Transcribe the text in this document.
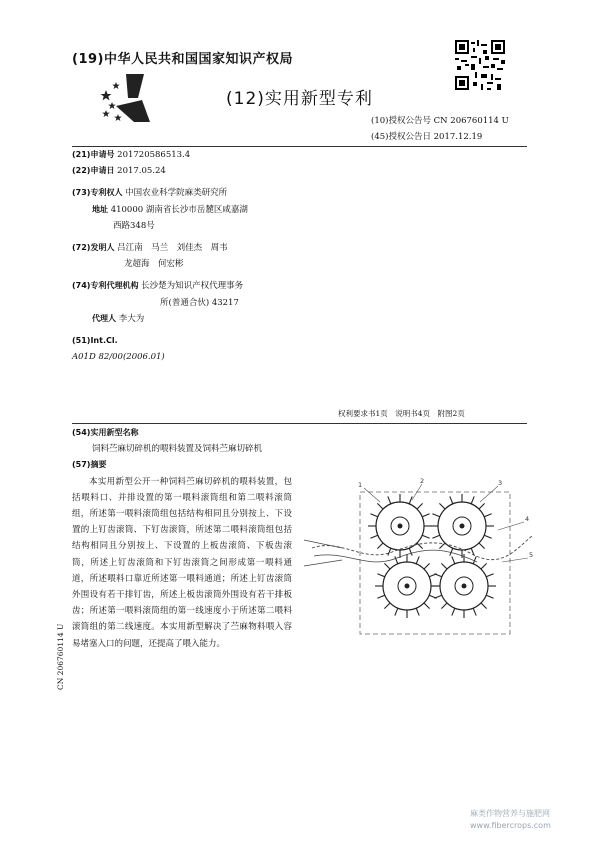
(19)中华人民共和国国家知识产权局
(12)实用新型专利
(10)授权公告号 CN 206760114 U
(45)授权公告日 2017.12.19
(21)申请号 201720586513.4
(22)申请日 2017.05.24
(73)专利权人 中国农业科学院麻类研究所
地址 410000 湖南省长沙市岳麓区咸嘉湖
西路348号
(72)发明人 吕江南　马兰　刘佳杰　周韦
龙超海　何宏彬
(74)专利代理机构 长沙楚为知识产权代理事务
所(普通合伙) 43217
代理人 李大为
(51)Int.Cl.
A01D 82/00(2006.01)
权利要求书1页　说明书4页　附图2页
(54)实用新型名称
饲料苎麻切碎机的喂料装置及饲料苎麻切碎机
(57)摘要

本实用新型公开一种饲料苎麻切碎机的喂料装置，包括喂料口、并排设置的第一喂料滚筒组和第二喂料滚筒组，所述第一喂料滚筒组包括结构相同且分别按上、下设置的上钉齿滚筒、下钉齿滚筒，所述第二喂料滚筒组包括结构相同且分别按上、下设置的上板齿滚筒、下板齿滚筒，所述上钉齿滚筒和下钉齿滚筒之间形成第一喂料通道，所述喂料口靠近所述第一喂料通道；所述上钉齿滚筒外围设有若干排钉齿，所述上板齿滚筒外围设有若干排板齿；所述第一喂料滚筒组的第一线速度小于所述第二喂料滚筒组的第二线速度。本实用新型解决了苎麻物料喂入容易堵塞入口的问题，还提高了喂入能力。

1	2	3
4
5
CN 206760114 U
麻类作物营养与施肥网
www.fibercrops.com
